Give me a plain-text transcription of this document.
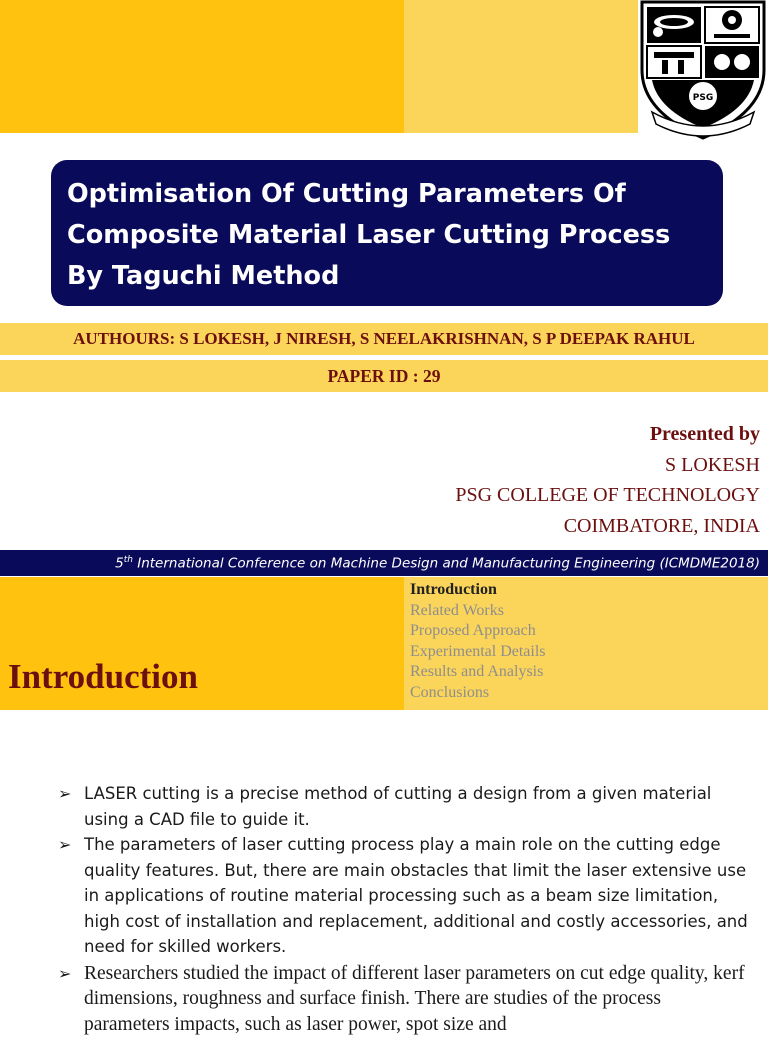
PSG
Optimisation Of Cutting Parameters Of Composite Material Laser Cutting Process By Taguchi Method
AUTHOURS: S LOKESH, J NIRESH, S NEELAKRISHNAN, S P DEEPAK RAHUL
PAPER ID : 29
Presented by
S LOKESH
PSG COLLEGE OF TECHNOLOGY
COIMBATORE, INDIA
5th International Conference on Machine Design and Manufacturing Engineering (ICMDME2018)
Introduction
Introduction
Related Works
Proposed Approach
Experimental Details
Results and Analysis
Conclusions
➢ LASER cutting is a precise method of cutting a design from a given material using a CAD file to guide it.
➢ The parameters of laser cutting process play a main role on the cutting edge quality features. But, there are main obstacles that limit the laser extensive use in applications of routine material processing such as a beam size limitation, high cost of installation and replacement, additional and costly accessories, and need for skilled workers.
➢ Researchers studied the impact of different laser parameters on cut edge quality, kerf dimensions, roughness and surface finish. There are studies of the process parameters impacts, such as laser power, spot size and
